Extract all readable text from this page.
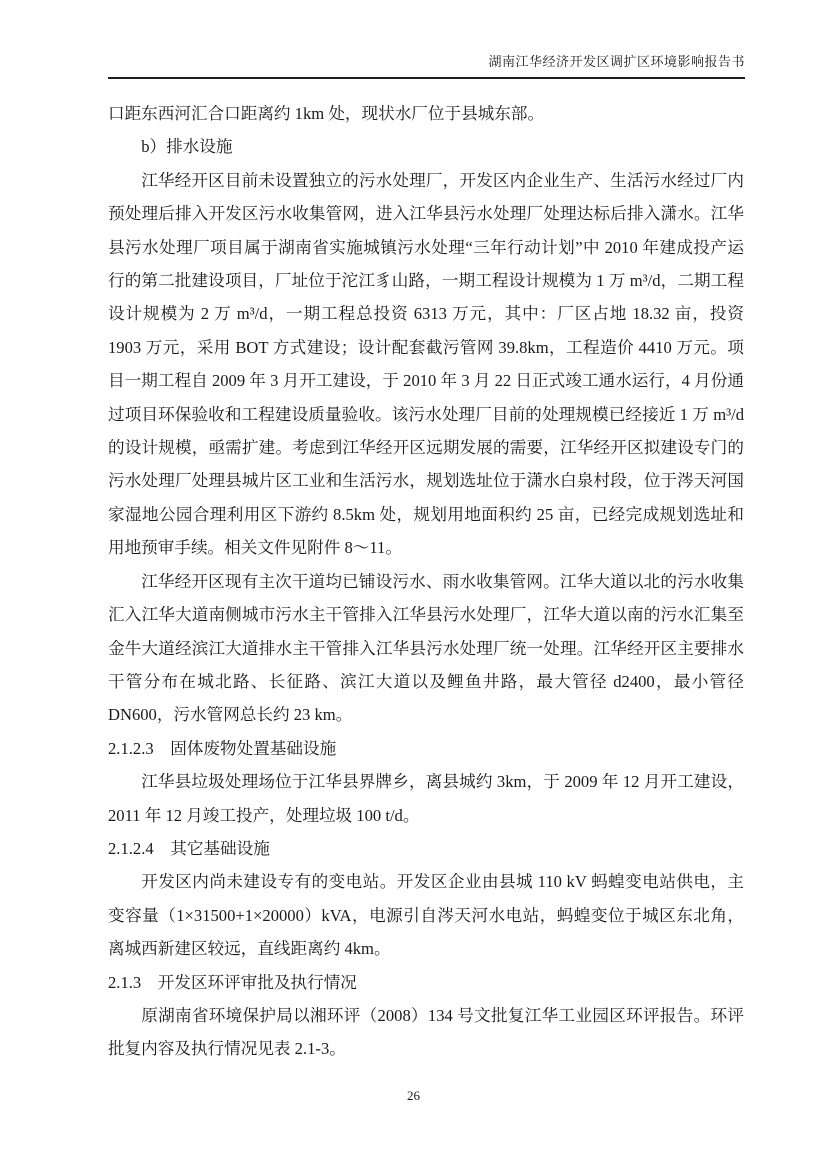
湖南江华经济开发区调扩区环境影响报告书

口距东西河汇合口距离约 1km 处，现状水厂位于县城东部。

b）排水设施

江华经开区目前未设置独立的污水处理厂，开发区内企业生产、生活污水经过厂内预处理后排入开发区污水收集管网，进入江华县污水处理厂处理达标后排入潇水。江华县污水处理厂项目属于湖南省实施城镇污水处理“三年行动计划”中 2010 年建成投产运行的第二批建设项目，厂址位于沱江豸山路，一期工程设计规模为 1 万 m³/d，二期工程设计规模为 2 万 m³/d，一期工程总投资 6313 万元，其中：厂区占地 18.32 亩，投资 1903 万元，采用 BOT 方式建设；设计配套截污管网 39.8km，工程造价 4410 万元。项目一期工程自 2009 年 3 月开工建设，于 2010 年 3 月 22 日正式竣工通水运行，4 月份通过项目环保验收和工程建设质量验收。该污水处理厂目前的处理规模已经接近 1 万 m³/d 的设计规模，亟需扩建。考虑到江华经开区远期发展的需要，江华经开区拟建设专门的污水处理厂处理县城片区工业和生活污水，规划选址位于潇水白泉村段，位于涔天河国家湿地公园合理利用区下游约 8.5km 处，规划用地面积约 25 亩，已经完成规划选址和用地预审手续。相关文件见附件 8～11。

江华经开区现有主次干道均已铺设污水、雨水收集管网。江华大道以北的污水收集汇入江华大道南侧城市污水主干管排入江华县污水处理厂，江华大道以南的污水汇集至金牛大道经滨江大道排水主干管排入江华县污水处理厂统一处理。江华经开区主要排水干管分布在城北路、长征路、滨江大道以及鲤鱼井路，最大管径 d2400，最小管径 DN600，污水管网总长约 23 km。

2.1.2.3　固体废物处置基础设施

江华县垃圾处理场位于江华县界牌乡，离县城约 3km，于 2009 年 12 月开工建设，2011 年 12 月竣工投产，处理垃圾 100 t/d。

2.1.2.4　其它基础设施

开发区内尚未建设专有的变电站。开发区企业由县城 110 kV 蚂蝗变电站供电，主变容量（1×31500+1×20000）kVA，电源引自涔天河水电站，蚂蝗变位于城区东北角，离城西新建区较远，直线距离约 4km。

2.1.3　开发区环评审批及执行情况

原湖南省环境保护局以湘环评（2008）134 号文批复江华工业园区环评报告。环评批复内容及执行情况见表 2.1-3。

26
